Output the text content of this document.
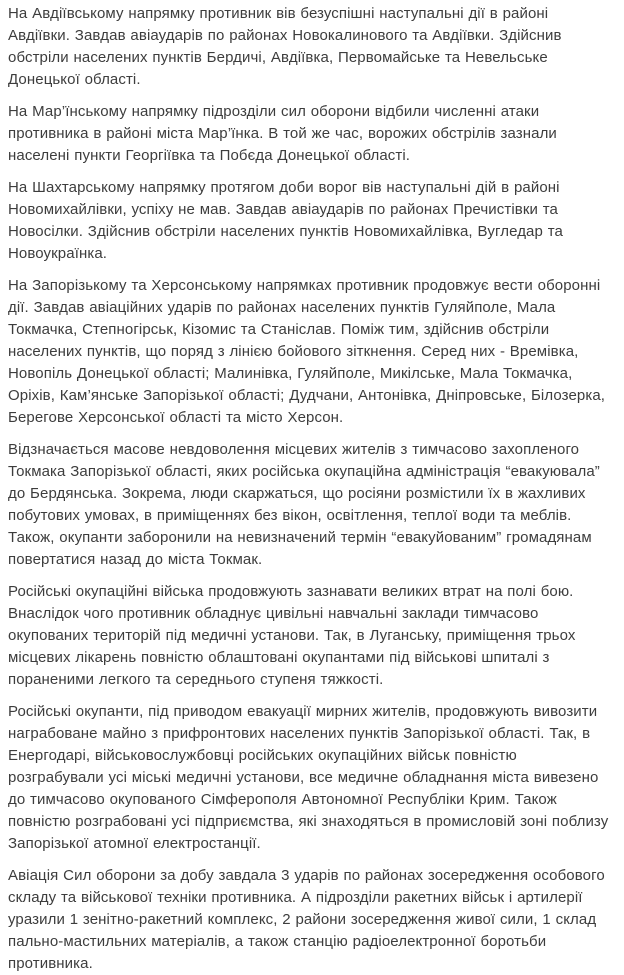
На Авдіївському напрямку противник вів безуспішні наступальні дії в районі Авдіївки. Завдав авіаударів по районах Новокалинового та Авдіївки. Здійснив обстріли населених пунктів Бердичі, Авдіївка, Первомайське та Невельське Донецької області.

На Мар’їнському напрямку підрозділи сил оборони відбили численні атаки противника в районі міста Мар’їнка. В той же час, ворожих обстрілів зазнали населені пункти Георгіївка та Побєда Донецької області.

На Шахтарському напрямку протягом доби ворог вів наступальні дій в районі Новомихайлівки, успіху не мав. Завдав авіаударів по районах Пречистівки та Новосілки. Здійснив обстріли населених пунктів Новомихайлівка, Вугледар та Новоукраїнка.

На Запорізькому та Херсонському напрямках противник продовжує вести оборонні дії. Завдав авіаційних ударів по районах населених пунктів Гуляйполе, Мала Токмачка, Степногірськ, Кізомис та Станіслав. Поміж тим, здійснив обстріли населених пунктів, що поряд з лінією бойового зіткнення. Серед них - Времівка, Новопіль Донецької області; Малинівка, Гуляйполе, Микілське, Мала Токмачка, Оріхів, Кам’янське Запорізької області; Дудчани, Антонівка, Дніпровське, Білозерка, Берегове Херсонської області та місто Херсон.

Відзначається масове невдоволення місцевих жителів з тимчасово захопленого Токмака Запорізької області, яких російська окупаційна адміністрація “евакуювала” до Бердянська. Зокрема, люди скаржаться, що росіяни розмістили їх в жахливих побутових умовах, в приміщеннях без вікон, освітлення, теплої води та меблів. Також, окупанти заборонили на невизначений термін “евакуйованим” громадянам повертатися назад до міста Токмак.

Російські окупаційні війська продовжують зазнавати великих втрат на полі бою. Внаслідок чого противник обладнує цивільні навчальні заклади тимчасово окупованих територій під медичні установи. Так, в Луганську, приміщення трьох місцевих лікарень повністю облаштовані окупантами під військові шпиталі з пораненими легкого та середнього ступеня тяжкості.

Російські окупанти, під приводом евакуації мирних жителів, продовжують вивозити награбоване майно з прифронтових населених пунктів Запорізької області. Так, в Енергодарі, військовослужбовці російських окупаційних військ повністю розграбували усі міські медичні установи, все медичне обладнання міста вивезено до тимчасово окупованого Сімферополя Автономної Республіки Крим. Також повністю розграбовані усі підприємства, які знаходяться в промисловій зоні поблизу Запорізької атомної електростанції.

Авіація Сил оборони за добу завдала 3 ударів по районах зосередження особового складу та військової техніки противника. А підрозділи ракетних військ і артилерії уразили 1 зенітно-ракетний комплекс, 2 райони зосередження живої сили, 1 склад пально-мастильних матеріалів, а також станцію радіоелектронної боротьби противника.
